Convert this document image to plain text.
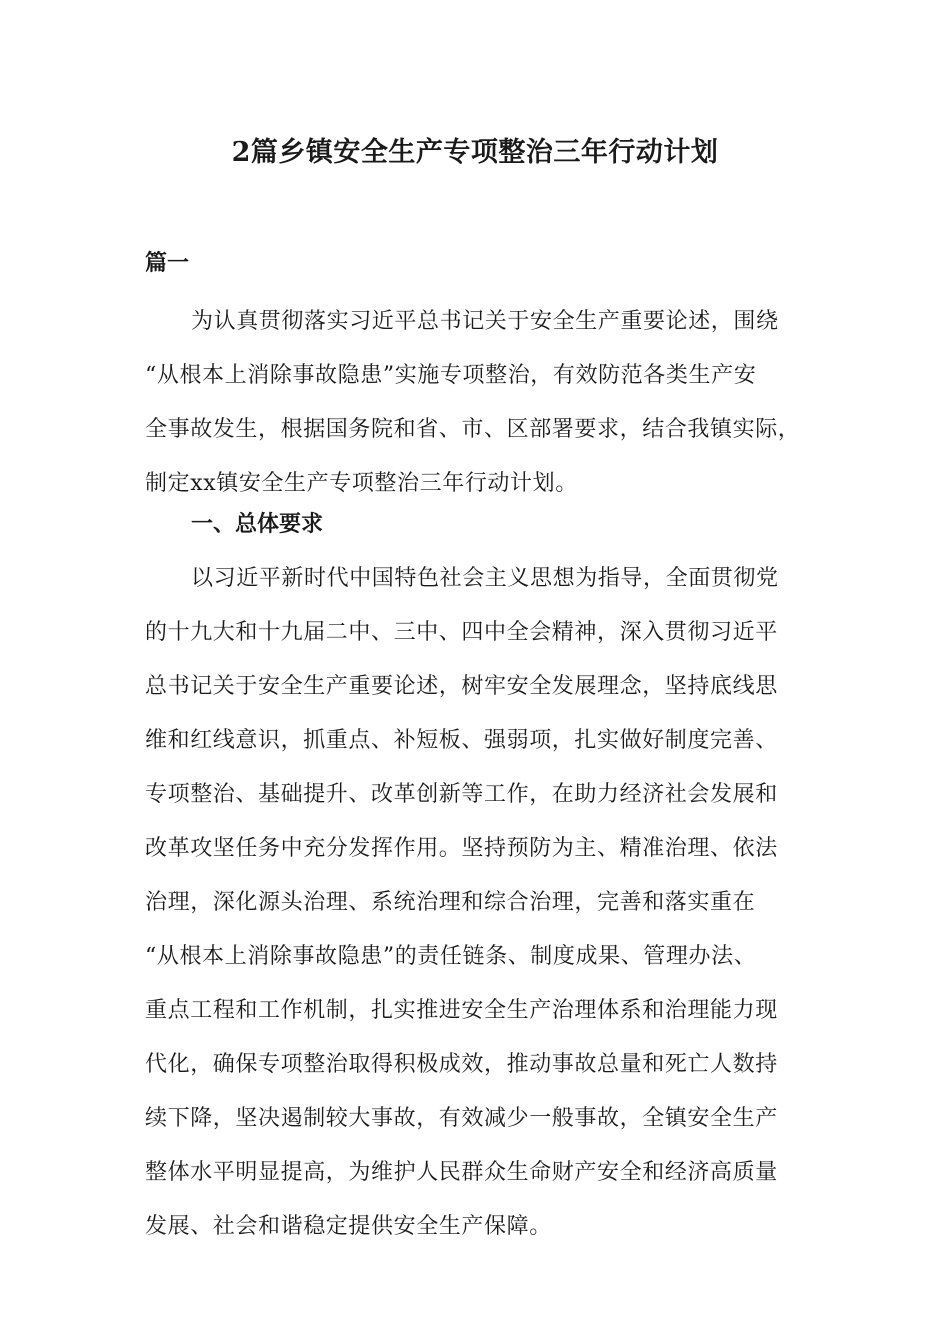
2篇乡镇安全生产专项整治三年行动计划
篇一

为认真贯彻落实习近平总书记关于安全生产重要论述，围绕
“从根本上消除事故隐患”实施专项整治，有效防范各类生产安
全事故发生，根据国务院和省、市、区部署要求，结合我镇实际，
制定xx镇安全生产专项整治三年行动计划。

一、总体要求

以习近平新时代中国特色社会主义思想为指导，全面贯彻党
的十九大和十九届二中、三中、四中全会精神，深入贯彻习近平
总书记关于安全生产重要论述，树牢安全发展理念，坚持底线思
维和红线意识，抓重点、补短板、强弱项，扎实做好制度完善、
专项整治、基础提升、改革创新等工作，在助力经济社会发展和
改革攻坚任务中充分发挥作用。坚持预防为主、精准治理、依法
治理，深化源头治理、系统治理和综合治理，完善和落实重在
“从根本上消除事故隐患”的责任链条、制度成果、管理办法、
重点工程和工作机制，扎实推进安全生产治理体系和治理能力现
代化，确保专项整治取得积极成效，推动事故总量和死亡人数持
续下降，坚决遏制较大事故，有效减少一般事故，全镇安全生产
整体水平明显提高，为维护人民群众生命财产安全和经济高质量
发展、社会和谐稳定提供安全生产保障。
